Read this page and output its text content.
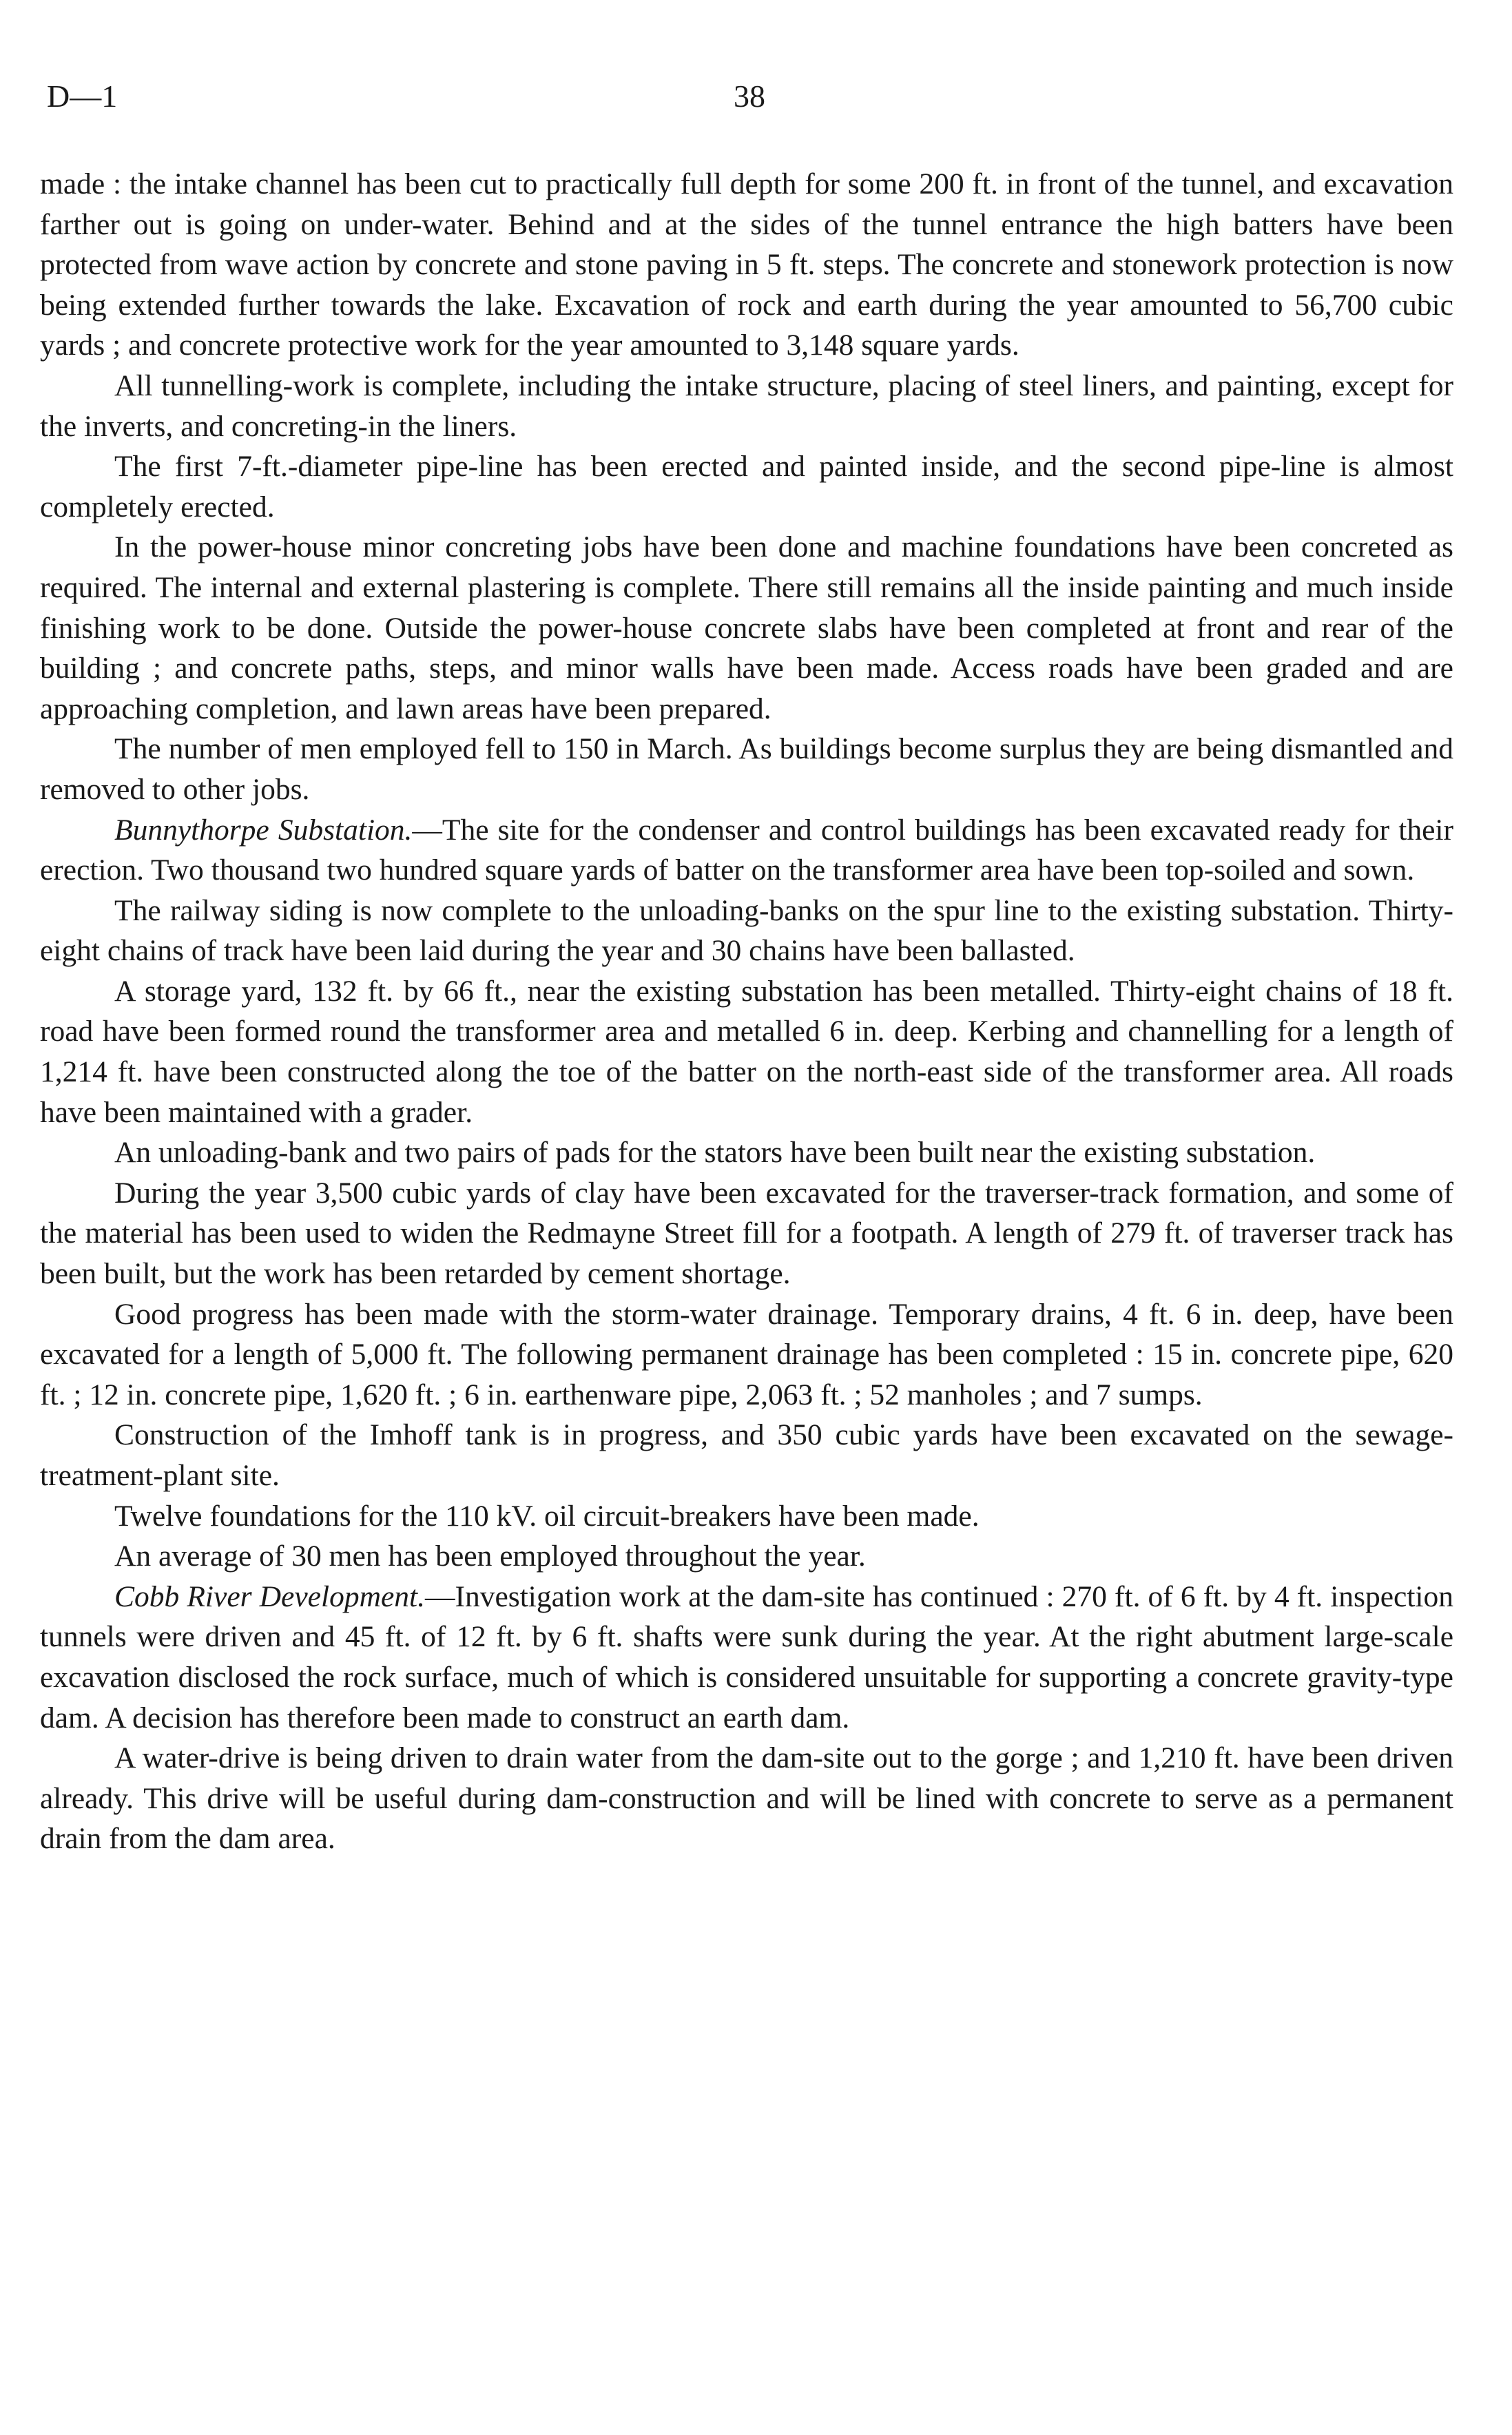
D—1	38

made : the intake channel has been cut to practically full depth for some 200 ft. in front of the tunnel, and excavation farther out is going on under-water. Behind and at the sides of the tunnel entrance the high batters have been protected from wave action by concrete and stone paving in 5 ft. steps. The concrete and stonework protection is now being extended further towards the lake. Excavation of rock and earth during the year amounted to 56,700 cubic yards ; and concrete protective work for the year amounted to 3,148 square yards.

All tunnelling-work is complete, including the intake structure, placing of steel liners, and painting, except for the inverts, and concreting-in the liners.

The first 7-ft.-diameter pipe-line has been erected and painted inside, and the second pipe-line is almost completely erected.

In the power-house minor concreting jobs have been done and machine foundations have been concreted as required. The internal and external plastering is complete. There still remains all the inside painting and much inside finishing work to be done. Outside the power-house concrete slabs have been completed at front and rear of the building ; and concrete paths, steps, and minor walls have been made. Access roads have been graded and are approaching completion, and lawn areas have been prepared.

The number of men employed fell to 150 in March. As buildings become surplus they are being dismantled and removed to other jobs.

Bunnythorpe Substation.—The site for the condenser and control buildings has been excavated ready for their erection. Two thousand two hundred square yards of batter on the transformer area have been top-soiled and sown.

The railway siding is now complete to the unloading-banks on the spur line to the existing substation. Thirty-eight chains of track have been laid during the year and 30 chains have been ballasted.

A storage yard, 132 ft. by 66 ft., near the existing substation has been metalled. Thirty-eight chains of 18 ft. road have been formed round the transformer area and metalled 6 in. deep. Kerbing and channelling for a length of 1,214 ft. have been constructed along the toe of the batter on the north-east side of the transformer area. All roads have been maintained with a grader.

An unloading-bank and two pairs of pads for the stators have been built near the existing substation.

During the year 3,500 cubic yards of clay have been excavated for the traverser-track formation, and some of the material has been used to widen the Redmayne Street fill for a footpath. A length of 279 ft. of traverser track has been built, but the work has been retarded by cement shortage.

Good progress has been made with the storm-water drainage. Temporary drains, 4 ft. 6 in. deep, have been excavated for a length of 5,000 ft. The following permanent drainage has been completed : 15 in. concrete pipe, 620 ft. ; 12 in. concrete pipe, 1,620 ft. ; 6 in. earthenware pipe, 2,063 ft. ; 52 manholes ; and 7 sumps.

Construction of the Imhoff tank is in progress, and 350 cubic yards have been excavated on the sewage-treatment-plant site.

Twelve foundations for the 110 kV. oil circuit-breakers have been made.

An average of 30 men has been employed throughout the year.

Cobb River Development.—Investigation work at the dam-site has continued : 270 ft. of 6 ft. by 4 ft. inspection tunnels were driven and 45 ft. of 12 ft. by 6 ft. shafts were sunk during the year. At the right abutment large-scale excavation disclosed the rock surface, much of which is considered unsuitable for supporting a concrete gravity-type dam. A decision has therefore been made to construct an earth dam.

A water-drive is being driven to drain water from the dam-site out to the gorge ; and 1,210 ft. have been driven already. This drive will be useful during dam-construction and will be lined with concrete to serve as a permanent drain from the dam area.
